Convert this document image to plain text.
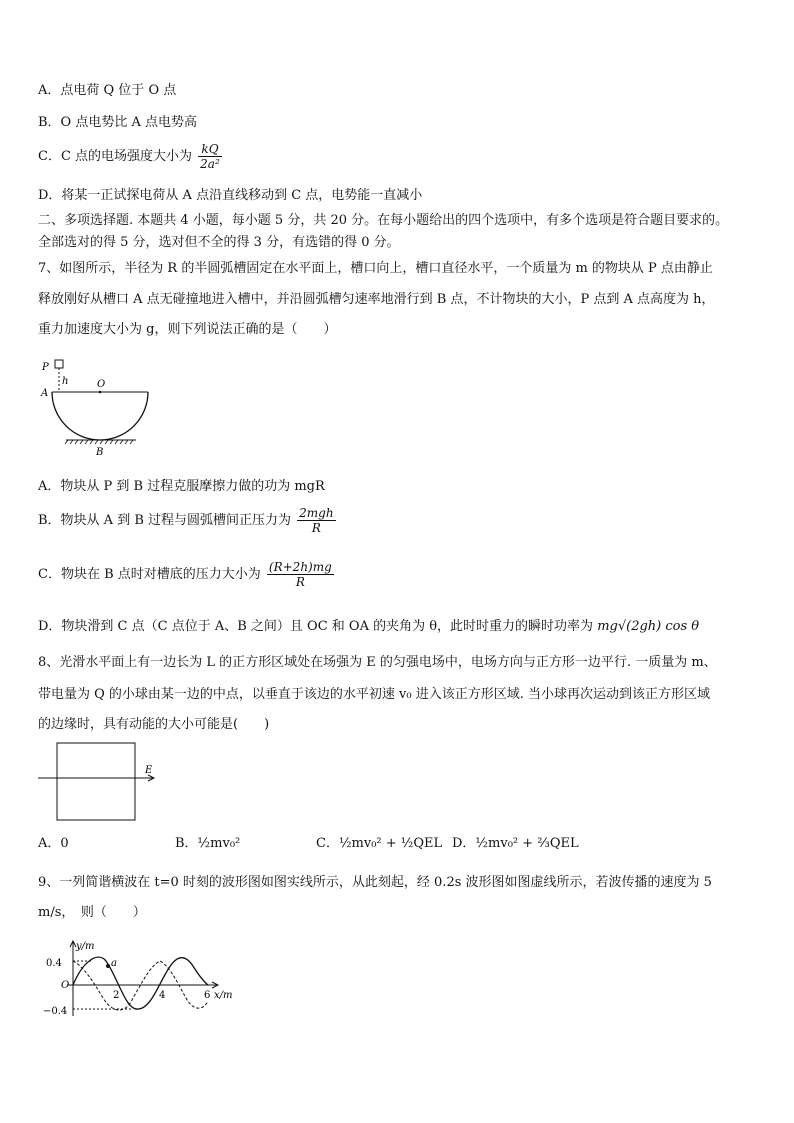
A．点电荷 Q 位于 O 点
B．O 点电势比 A 点电势高
C．C 点的电场强度大小为 $\frac{kQ}{\text{2a²}}$
D．将某一正试探电荷从 A 点沿直线移动到 C 点，电势能一直减小
二、多项选择题. 本题共 4 小题，每小题 5 分，共 20 分。在每小题给出的四个选项中，有多个选项是符合题目要求的。
全部选对的得 5 分，选对但不全的得 3 分，有选错的得 0 分。
7、如图所示，半径为 R 的半圆弧槽固定在水平面上，槽口向上，槽口直径水平，一个质量为 m 的物块从 P 点由静止
释放刚好从槽口 A 点无碰撞地进入槽中，并沿圆弧槽匀速率地滑行到 B 点，不计物块的大小，P 点到 A 点高度为 h，
重力加速度大小为 g，则下列说法正确的是（　　）
P
h	O
A
B
A．物块从 P 到 B 过程克服摩擦力做的功为 mgR
B．物块从 A 到 B 过程与圆弧槽间正压力为 $\frac{\text{2mgh}}{R}$
C．物块在 B 点时对槽底的压力大小为 $\frac{(R+2h)mg}{R}$
D．物块滑到 C 点（C 点位于 A、B 之间）且 OC 和 OA 的夹角为 θ，此时时重力的瞬时功率为 mg√(2gh) cos θ
8、光滑水平面上有一边长为 L 的正方形区域处在场强为 E 的匀强电场中，电场方向与正方形一边平行. 一质量为 m、
带电量为 Q 的小球由某一边的中点，以垂直于该边的水平初速 v₀ 进入该正方形区域. 当小球再次运动到该正方形区域
的边缘时，具有动能的大小可能是(　　)
E
A．0	B．½mv₀²	C．½mv₀² + ½QEL D．½mv₀² + ⅔QEL
9、一列简谐横波在 t=0 时刻的波形图如图实线所示，从此刻起，经 0.2s 波形图如图虚线所示，若波传播的速度为 5
m/s，　则（　　）
y/m
x/m
0.4
−0.4
O
2	4	6
a
